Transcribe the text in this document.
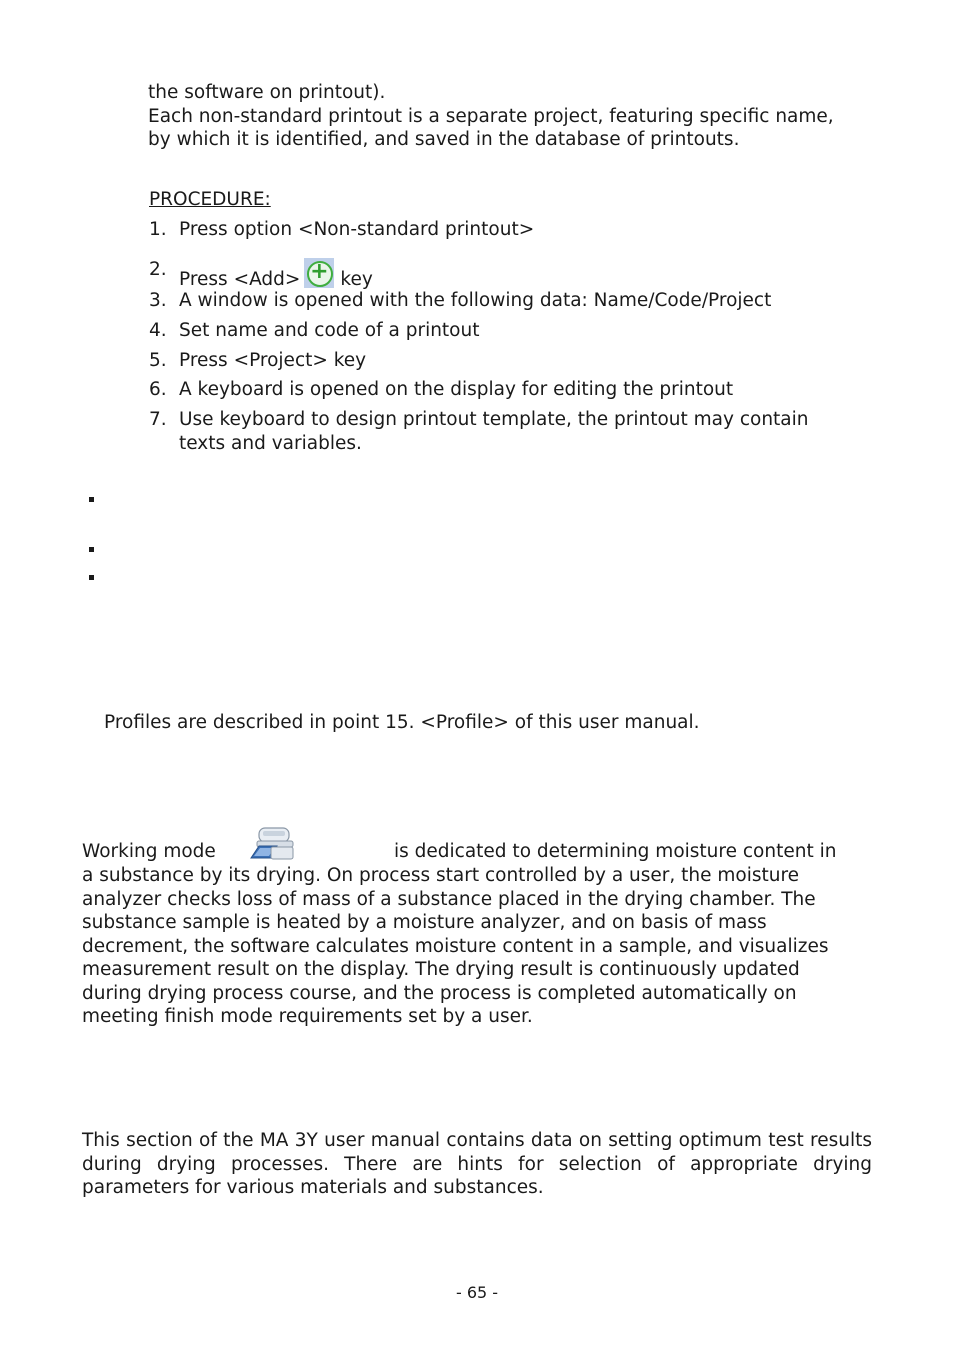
the software on printout).
Each non-standard printout is a separate project, featuring specific name,
by which it is identified, and saved in the database of printouts.
PROCEDURE:
1. Press option <Non-standard printout>
2. Press <Add>+ key
3. A window is opened with the following data: Name/Code/Project
4. Set name and code of a printout
5. Press <Project> key
6. A keyboard is opened on the display for editing the printout
7. Use keyboard to design printout template, the printout may contain texts and variables.
Profiles are described in point 15. <Profile> of this user manual.
Working mode	is dedicated to determining moisture content in
a substance by its drying. On process start controlled by a user, the moisture
analyzer checks loss of mass of a substance placed in the drying chamber. The
substance sample is heated by a moisture analyzer, and on basis of mass
decrement, the software calculates moisture content in a sample, and visualizes
measurement result on the display. The drying result is continuously updated
during drying process course, and the process is completed automatically on
meeting finish mode requirements set by a user.
This section of the MA 3Y user manual contains data on setting optimum test results during drying processes. There are hints for selection of appropriate drying parameters for various materials and substances.
- 65 -
